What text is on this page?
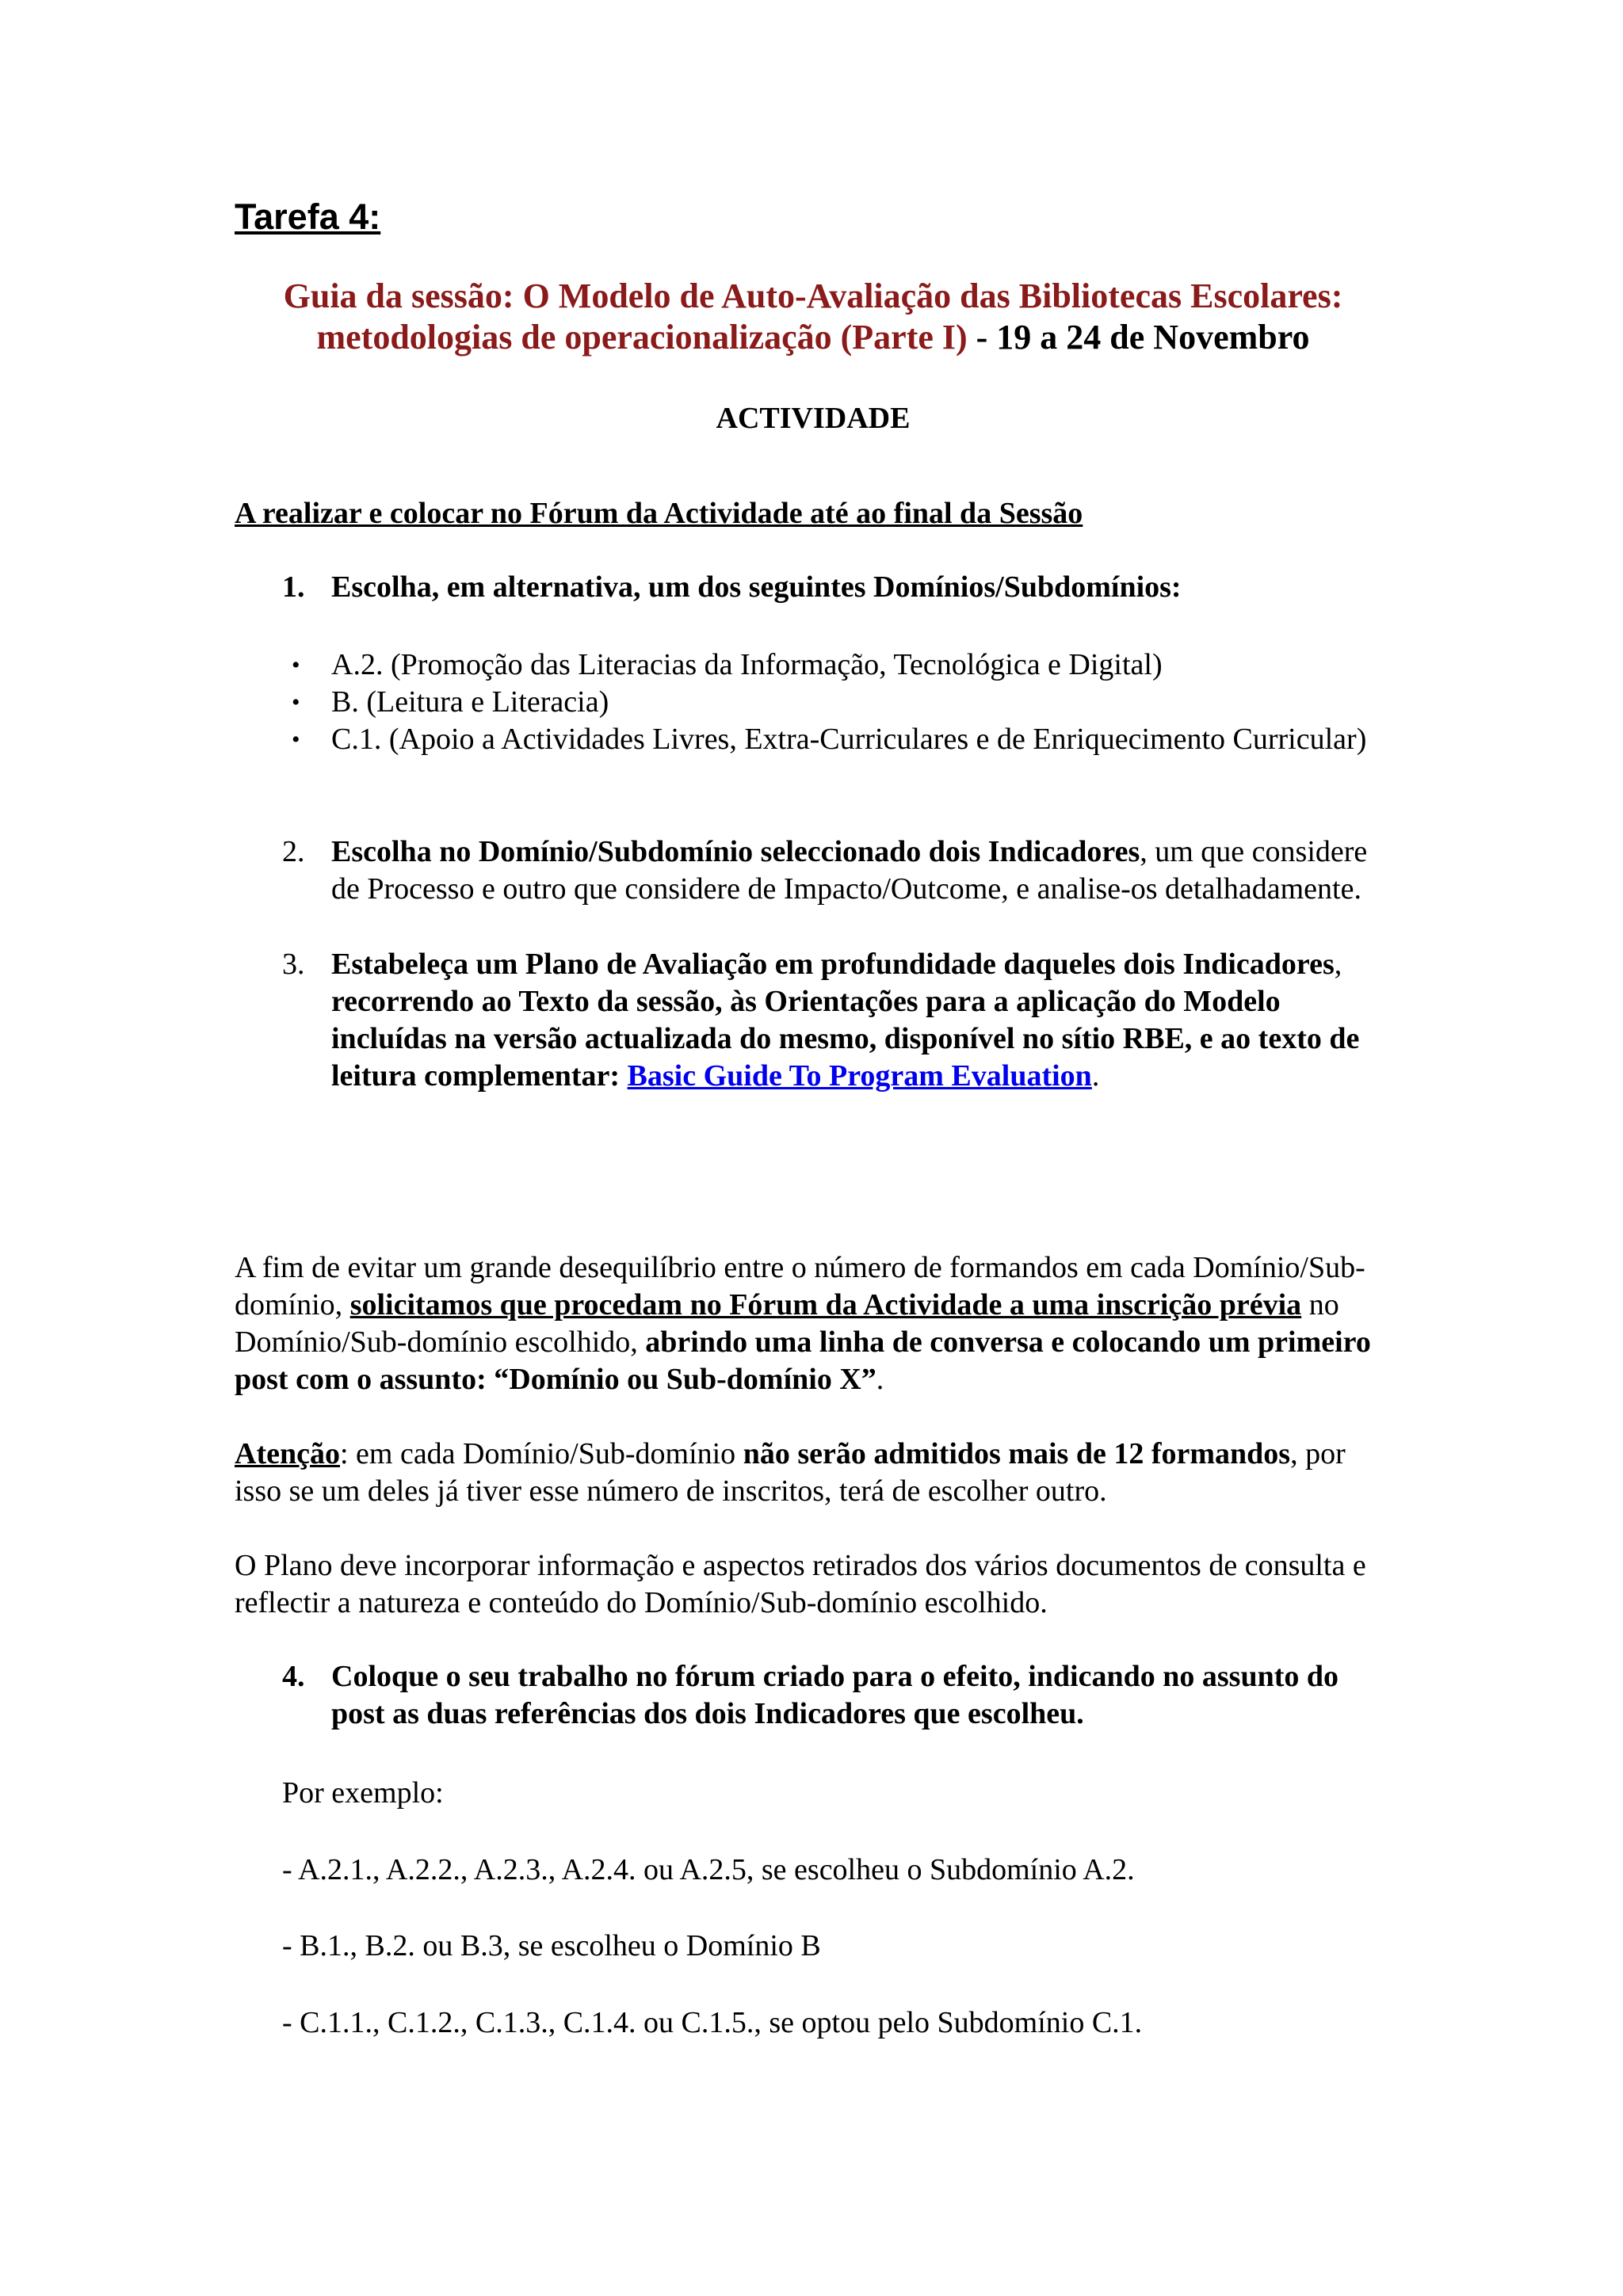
Tarefa 4:

Guia da sessão: O Modelo de Auto-Avaliação das Bibliotecas Escolares: metodologias de operacionalização (Parte I) - 19 a 24 de Novembro

ACTIVIDADE

A realizar e colocar no Fórum da Actividade até ao final da Sessão

1. Escolha, em alternativa, um dos seguintes Domínios/Subdomínios:
• A.2. (Promoção das Literacias da Informação, Tecnológica e Digital)
• B. (Leitura e Literacia)
• C.1. (Apoio a Actividades Livres, Extra-Curriculares e de Enriquecimento Curricular)
2. Escolha no Domínio/Subdomínio seleccionado dois Indicadores, um que considere de Processo e outro que considere de Impacto/Outcome, e analise-os detalhadamente.
3. Estabeleça um Plano de Avaliação em profundidade daqueles dois Indicadores, recorrendo ao Texto da sessão, às Orientações para a aplicação do Modelo incluídas na versão actualizada do mesmo, disponível no sítio RBE, e ao texto de leitura complementar: Basic Guide To Program Evaluation.

A fim de evitar um grande desequilíbrio entre o número de formandos em cada Domínio/Sub-domínio, solicitamos que procedam no Fórum da Actividade a uma inscrição prévia no Domínio/Sub-domínio escolhido, abrindo uma linha de conversa e colocando um primeiro post com o assunto: “Domínio ou Sub-domínio X”.

Atenção: em cada Domínio/Sub-domínio não serão admitidos mais de 12 formandos, por isso se um deles já tiver esse número de inscritos, terá de escolher outro.

O Plano deve incorporar informação e aspectos retirados dos vários documentos de consulta e reflectir a natureza e conteúdo do Domínio/Sub-domínio escolhido.

4. Coloque o seu trabalho no fórum criado para o efeito, indicando no assunto do post as duas referências dos dois Indicadores que escolheu.

Por exemplo:

- A.2.1., A.2.2., A.2.3., A.2.4. ou A.2.5, se escolheu o Subdomínio A.2.

- B.1., B.2. ou B.3, se escolheu o Domínio B

- C.1.1., C.1.2., C.1.3., C.1.4. ou C.1.5., se optou pelo Subdomínio C.1.
